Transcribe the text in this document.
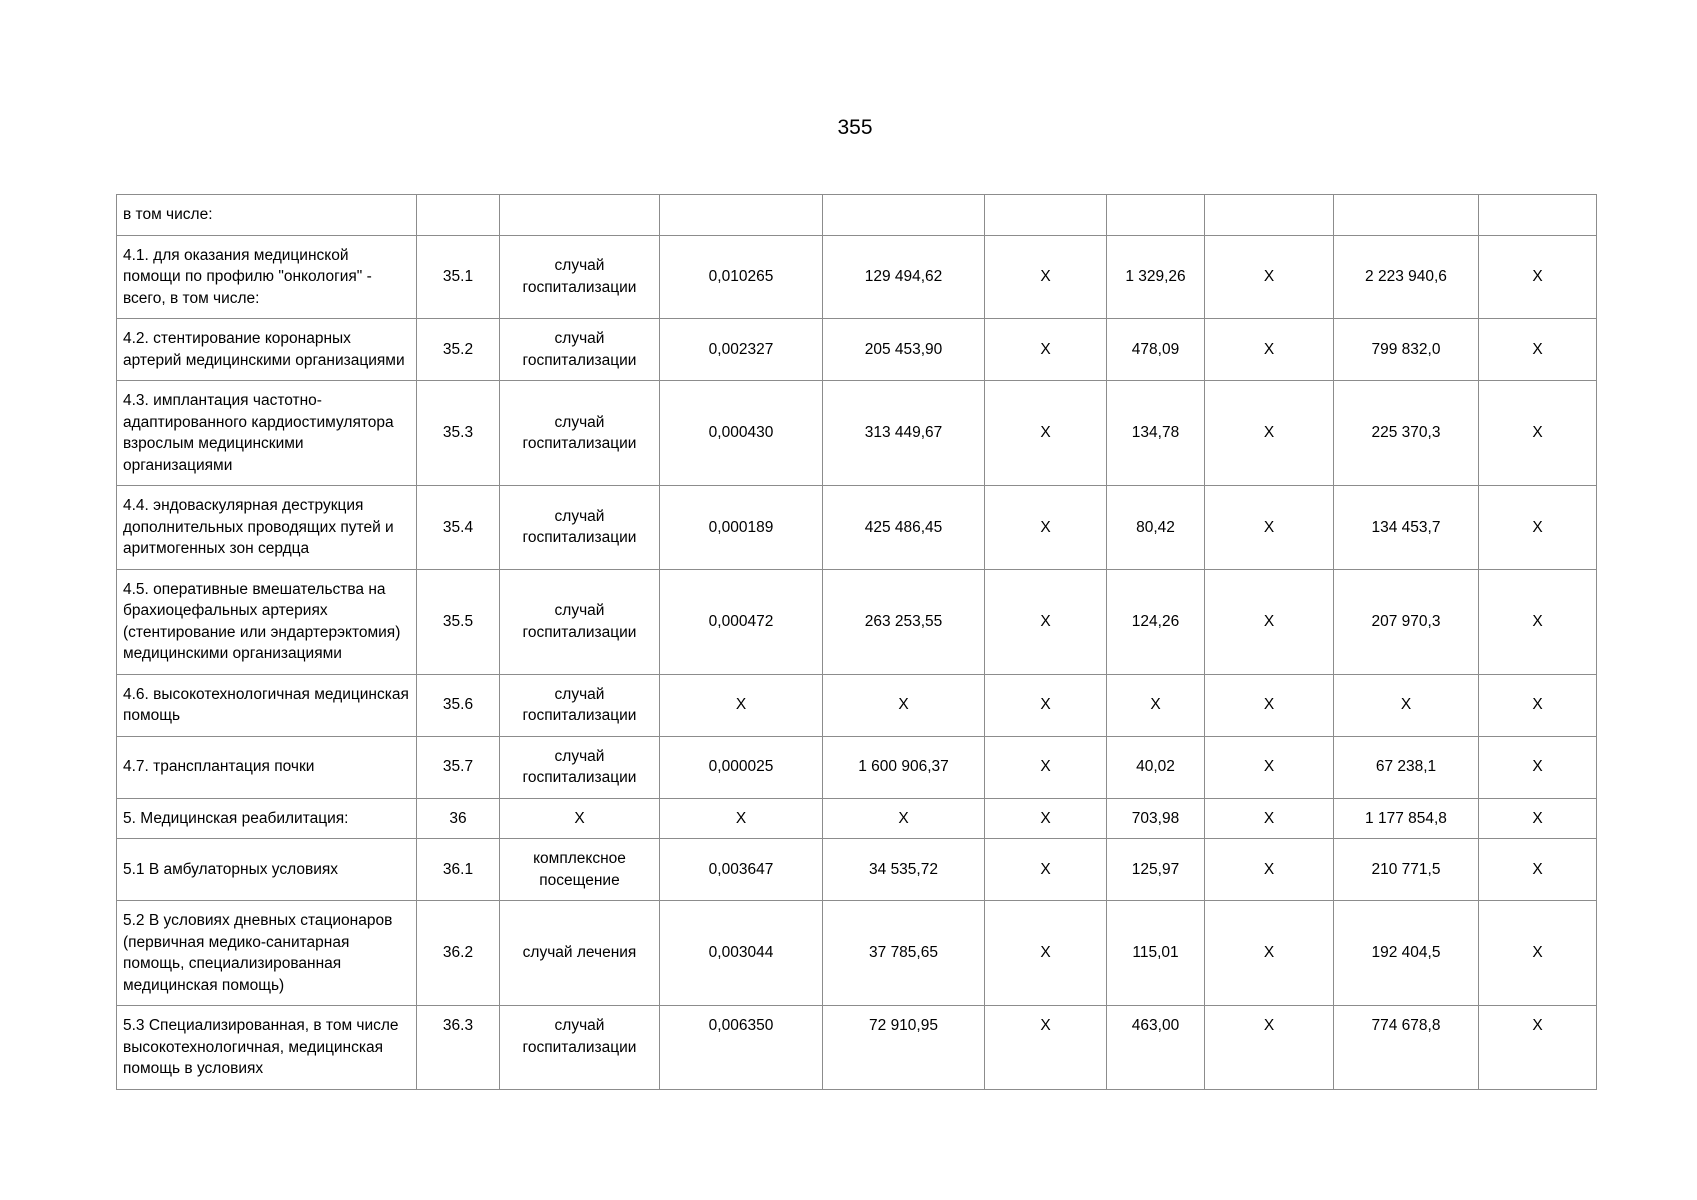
355
в том числе:									
4.1. для оказания медицинской помощи по профилю "онкология" - всего, в том числе:	35.1	случай госпитализации	0,010265	129 494,62	Х	1 329,26	Х	2 223 940,6	Х
4.2. стентирование коронарных артерий медицинскими организациями	35.2	случай госпитализации	0,002327	205 453,90	Х	478,09	Х	799 832,0	Х
4.3. имплантация частотно-адаптированного кардиостимулятора взрослым медицинскими организациями	35.3	случай госпитализации	0,000430	313 449,67	Х	134,78	Х	225 370,3	Х
4.4. эндоваскулярная деструкция дополнительных проводящих путей и аритмогенных зон сердца	35.4	случай госпитализации	0,000189	425 486,45	Х	80,42	Х	134 453,7	Х
4.5. оперативные вмешательства на брахиоцефальных артериях (стентирование или эндартерэктомия) медицинскими организациями	35.5	случай госпитализации	0,000472	263 253,55	Х	124,26	Х	207 970,3	Х
4.6. высокотехнологичная медицинская помощь	35.6	случай госпитализации	Х	Х	Х	Х	Х	Х	Х
4.7. трансплантация почки	35.7	случай госпитализации	0,000025	1 600 906,37	Х	40,02	Х	67 238,1	Х
5. Медицинская реабилитация:	36	Х	Х	Х	Х	703,98	Х	1 177 854,8	Х
5.1 В амбулаторных условиях	36.1	комплексное посещение	0,003647	34 535,72	Х	125,97	Х	210 771,5	Х
5.2 В условиях дневных стационаров (первичная медико-санитарная помощь, специализированная медицинская помощь)	36.2	случай лечения	0,003044	37 785,65	Х	115,01	Х	192 404,5	Х
5.3 Специализированная, в том числе высокотехнологичная, медицинская помощь в условиях	36.3	случай госпитализации	0,006350	72 910,95	Х	463,00	Х	774 678,8	Х
